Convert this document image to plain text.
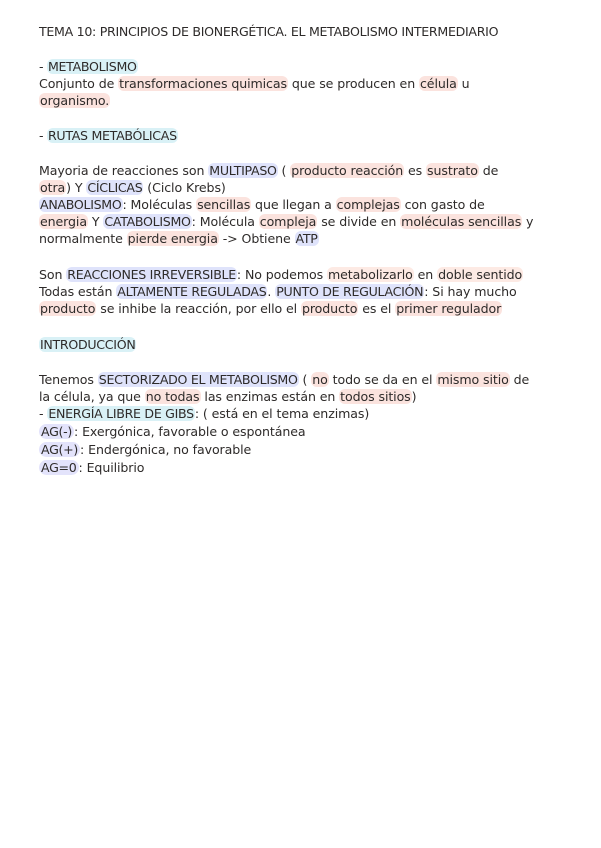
TEMA 10: PRINCIPIOS DE BIONERGÉTICA. EL METABOLISMO INTERMEDIARIO
- METABOLISMO
Conjunto de transformaciones quimicas que se producen en célula u
organismo.
- RUTAS METABÓLICAS
Mayoria de reacciones son MULTIPASO ( producto reacción es sustrato de
otra) Y CÍCLICAS (Ciclo Krebs)
ANABOLISMO: Moléculas sencillas que llegan a complejas con gasto de
energia Y CATABOLISMO: Molécula compleja se divide en moléculas sencillas y
normalmente pierde energia -> Obtiene ATP
Son REACCIONES IRREVERSIBLE: No podemos metabolizarlo en doble sentido
Todas están ALTAMENTE REGULADAS. PUNTO DE REGULACIÓN: Si hay mucho
producto se inhibe la reacción, por ello el producto es el primer regulador
INTRODUCCIÓN
Tenemos SECTORIZADO EL METABOLISMO ( no todo se da en el mismo sitio de
la célula, ya que no todas las enzimas están en todos sitios)
- ENERGÍA LIBRE DE GIBS: ( está en el tema enzimas)
AG(-) : Exergónica, favorable o espontánea
AG(+) : Endergónica, no favorable
AG=0 : Equilibrio
